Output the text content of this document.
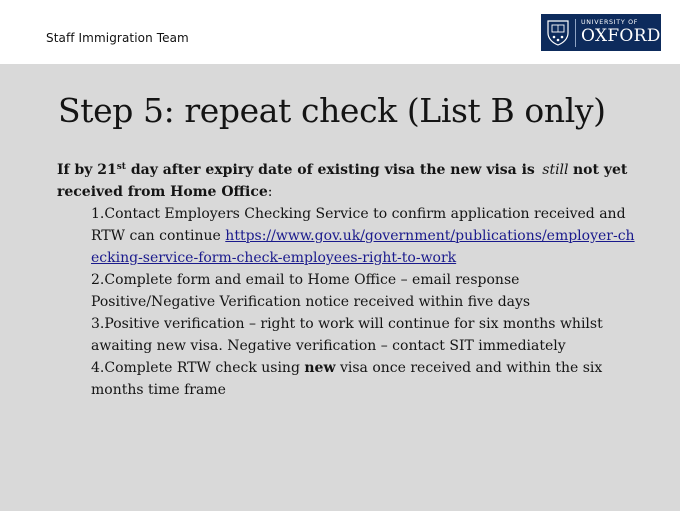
Staff Immigration Team
UNIVERSITY OF
OXFORD
Step 5: repeat check (List B only)

If by 21st day after expiry date of existing visa the new visa is still not yet received from Home Office:

1.Contact Employers Checking Service to confirm application received and RTW can continue https://www.gov.uk/government/publications/employer-checking-service-form-check-employees-right-to-work

2.Complete form and email to Home Office – email response Positive/Negative Verification notice received within five days

3.Positive verification – right to work will continue for six months whilst awaiting new visa. Negative verification – contact SIT immediately

4.Complete RTW check using new visa once received and within the six months time frame
